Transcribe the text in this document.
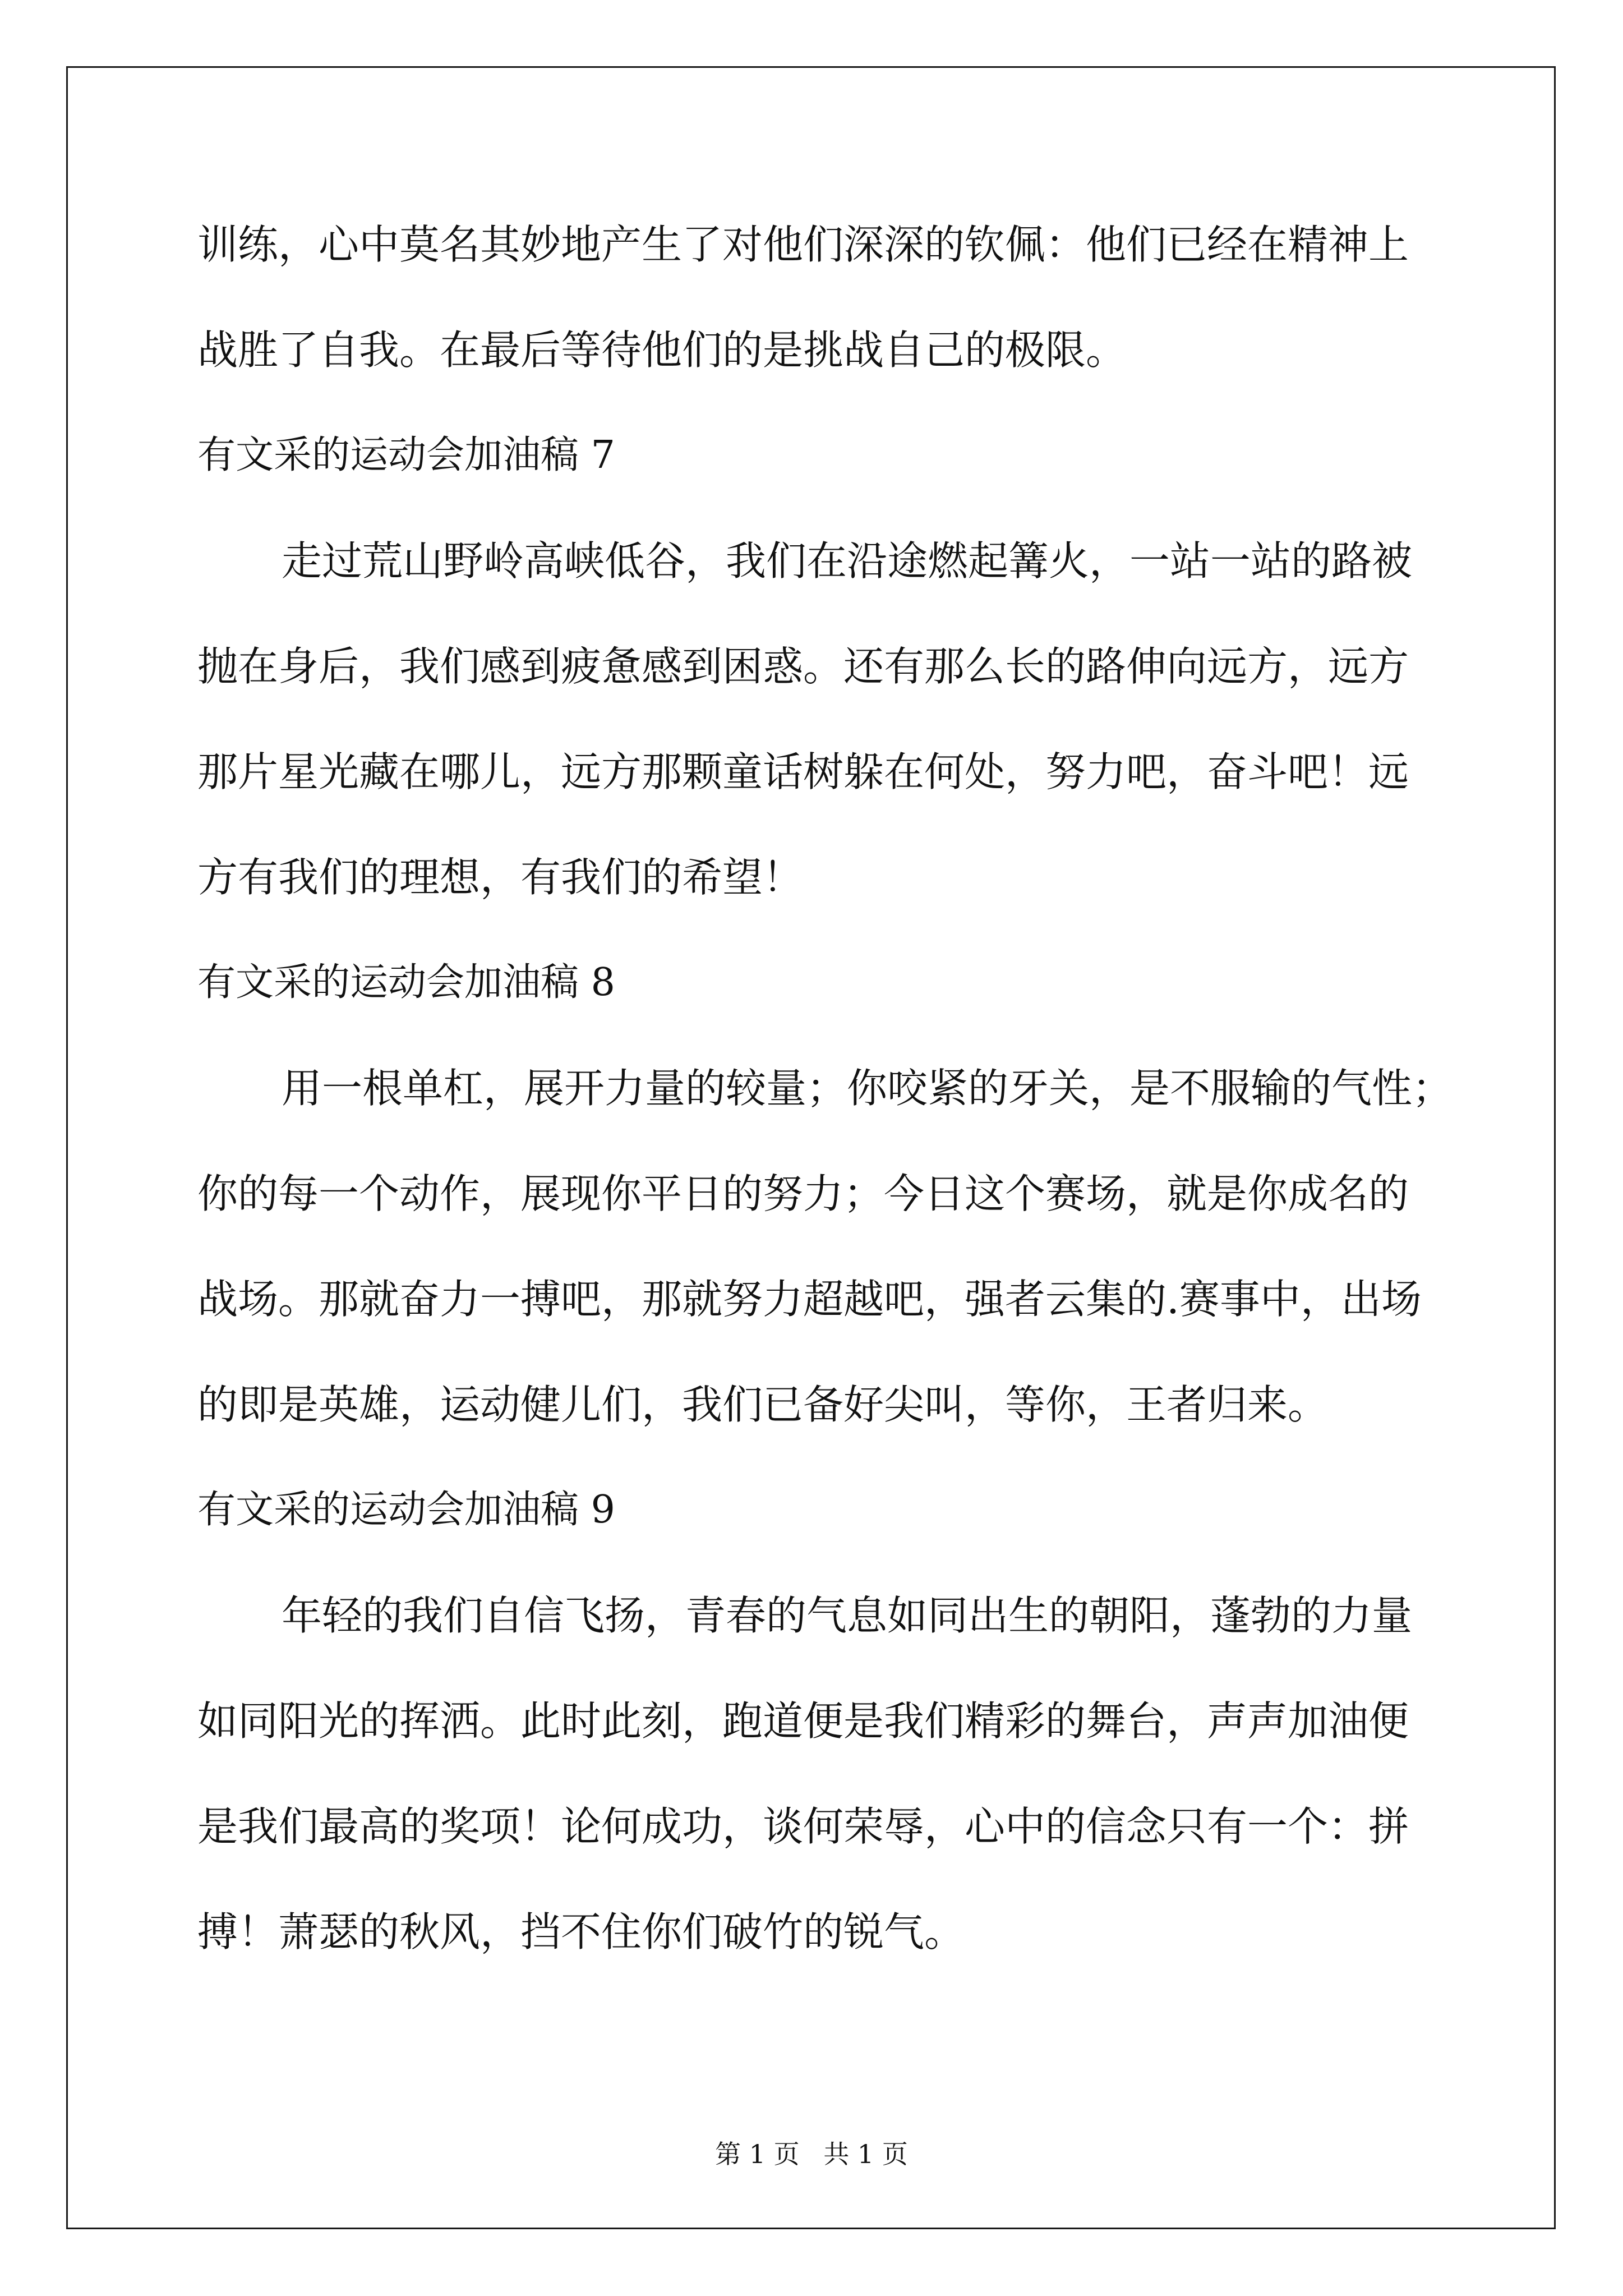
训练，心中莫名其妙地产生了对他们深深的钦佩：他们已经在精神上

战胜了自我。在最后等待他们的是挑战自己的极限。

有文采的运动会加油稿 7

走过荒山野岭高峡低谷，我们在沿途燃起篝火，一站一站的路被

抛在身后，我们感到疲惫感到困惑。还有那么长的路伸向远方，远方

那片星光藏在哪儿，远方那颗童话树躲在何处，努力吧，奋斗吧！远

方有我们的理想，有我们的希望！

有文采的运动会加油稿 8

用一根单杠，展开力量的较量；你咬紧的牙关，是不服输的气性；

你的每一个动作，展现你平日的努力；今日这个赛场，就是你成名的

战场。那就奋力一搏吧，那就努力超越吧，强者云集的.赛事中，出场

的即是英雄，运动健儿们，我们已备好尖叫，等你，王者归来。

有文采的运动会加油稿 9

年轻的我们自信飞扬，青春的气息如同出生的朝阳，蓬勃的力量

如同阳光的挥洒。此时此刻，跑道便是我们精彩的舞台，声声加油便

是我们最高的奖项！论何成功，谈何荣辱，心中的信念只有一个：拼

搏！萧瑟的秋风，挡不住你们破竹的锐气。

第 1 页 共 1 页
